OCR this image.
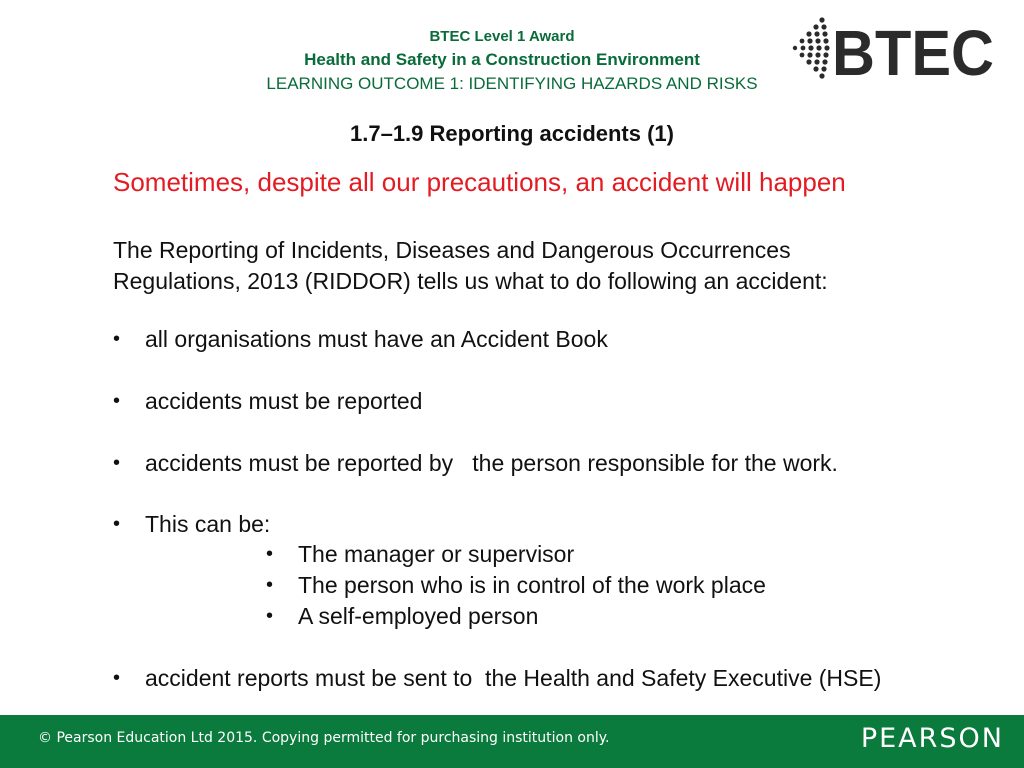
BTEC Level 1 Award
Health and Safety in a Construction Environment
LEARNING OUTCOME 1: IDENTIFYING HAZARDS AND RISKS	BTEC
1.7–1.9 Reporting accidents (1)
Sometimes, despite all our precautions, an accident will happen
The Reporting of Incidents, Diseases and Dangerous Occurrences
Regulations, 2013 (RIDDOR) tells us what to do following an accident:
• all organisations must have an Accident Book
• accidents must be reported
• accidents must be reported by   the person responsible for the work.
• This can be:
• The manager or supervisor
• The person who is in control of the work place
• A self-employed person
• accident reports must be sent to  the Health and Safety Executive (HSE)
© Pearson Education Ltd 2015. Copying permitted for purchasing institution only.	PEARSON
